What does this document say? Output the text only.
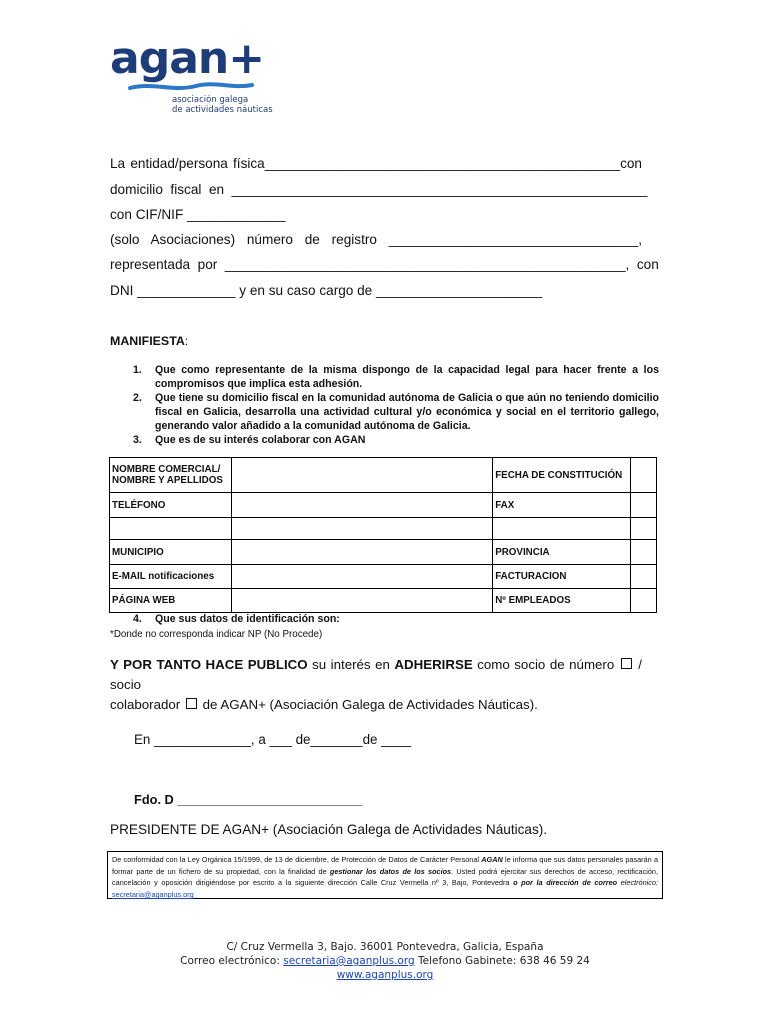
agan+
asociación galega
de actividades náuticas
La entidad/persona física_______________________________________________con
domicilio  fiscal  en  _______________________________________________________
con CIF/NIF _____________
(solo  Asociaciones)  número  de  registro  _________________________________,
representada  por  _____________________________________________________,  con
DNI _____________ y en su caso cargo de ______________________
MANIFIESTA:
1.	Que como representante de la misma dispongo de la capacidad legal para hacer frente a los compromisos que implica esta adhesión.
2.	Que tiene su domicilio fiscal en la comunidad autónoma de Galicia o que aún no teniendo domicilio fiscal en Galicia, desarrolla una actividad cultural y/o económica y social en el territorio gallego, generando valor añadido a la comunidad autónoma de Galicia.
3.	Que es de su interés colaborar con AGAN
NOMBRE COMERCIAL/ NOMBRE Y APELLIDOS		FECHA DE CONSTITUCIÓN	
TELÉFONO		FAX	

MUNICIPIO		PROVINCIA	
E-MAIL notificaciones		FACTURACION	
PÁGINA WEB		Nº EMPLEADOS	
4.	Que sus datos de identificación son:
*Donde no corresponda indicar NP (No Procede)
Y POR TANTO HACE PUBLICO su interés en ADHERIRSE como socio de número  / socio
colaborador  de AGAN+ (Asociación Galega de Actividades Náuticas).
En _____________, a ___ de_______de ____
Fdo. D __________________________
PRESIDENTE DE AGAN+ (Asociación Galega de Actividades Náuticas).
De conformidad con la Ley Orgánica 15/1999, de 13 de diciembre, de Protección de Datos de Carácter Personal AGAN le informa que sus datos personales pasarán a formar parte de un fichero de su propiedad, con la finalidad de gestionar los datos de los socios. Usted podrá ejercitar sus derechos de acceso, rectificación, cancelación y oposición dirigiéndose por escrito a la siguiente dirección Calle Cruz Vermella nº 3, Bajo, Pontevedra o por la dirección de correo electrónico: secretaria@aganplus.org
C/ Cruz Vermella 3, Bajo. 36001 Pontevedra, Galicia, España
Correo electrónico: secretaria@aganplus.org Telefono Gabinete: 638 46 59 24
www.aganplus.org
